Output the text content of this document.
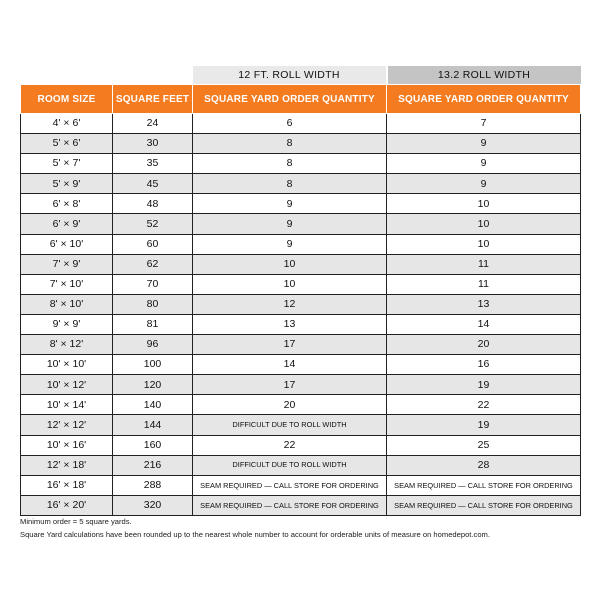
		12 FT. ROLL WIDTH	13.2 ROLL WIDTH
ROOM SIZE	SQUARE FEET	SQUARE YARD ORDER QUANTITY	SQUARE YARD ORDER QUANTITY
4' × 6'	24	6	7
5' × 6'	30	8	9
5' × 7'	35	8	9
5' × 9'	45	8	9
6' × 8'	48	9	10
6' × 9'	52	9	10
6' × 10'	60	9	10
7' × 9'	62	10	11
7' × 10'	70	10	11
8' × 10'	80	12	13
9' × 9'	81	13	14
8' × 12'	96	17	20
10' × 10'	100	14	16
10' × 12'	120	17	19
10' × 14'	140	20	22
12' × 12'	144	DIFFICULT DUE TO ROLL WIDTH	19
10' × 16'	160	22	25
12' × 18'	216	DIFFICULT DUE TO ROLL WIDTH	28
16' × 18'	288	SEAM REQUIRED — CALL STORE FOR ORDERING	SEAM REQUIRED — CALL STORE FOR ORDERING
16' × 20'	320	SEAM REQUIRED — CALL STORE FOR ORDERING	SEAM REQUIRED — CALL STORE FOR ORDERING
Minimum order = 5 square yards.
Square Yard calculations have been rounded up to the nearest whole number to account for orderable units of measure on homedepot.com.
